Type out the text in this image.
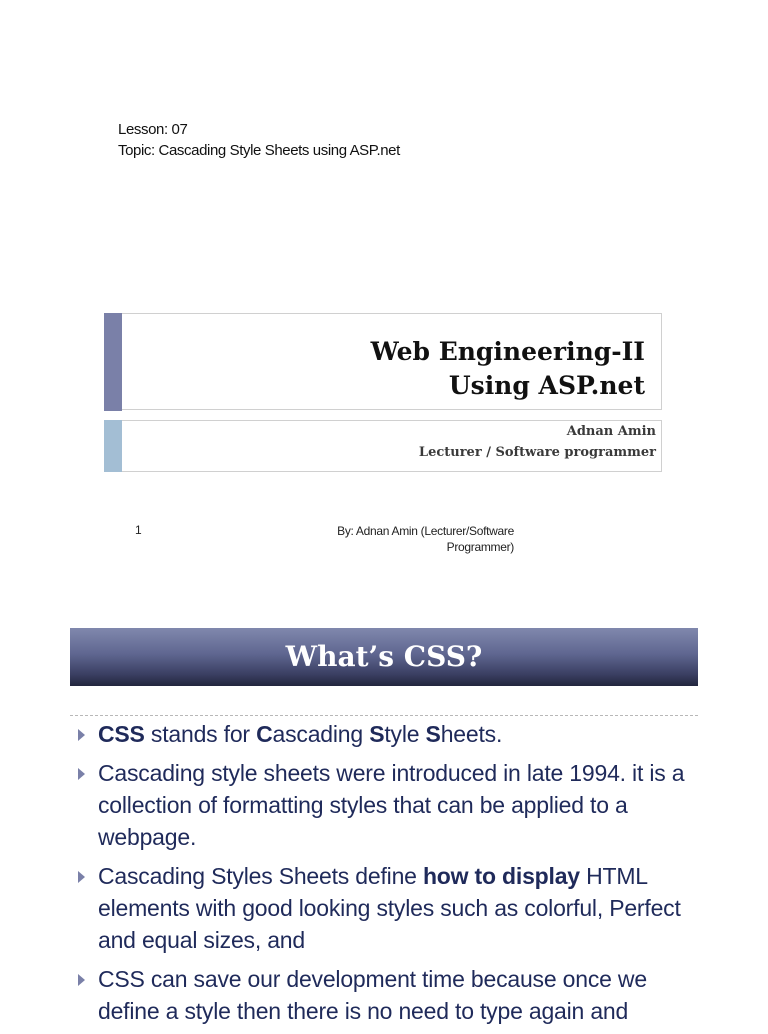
Lesson: 07
Topic: Cascading Style Sheets using ASP.net
Web Engineering-II
Using ASP.net
Adnan Amin
Lecturer / Software programmer
1	By: Adnan Amin (Lecturer/Software
Programmer)
What’s CSS?
CSS stands for Cascading Style Sheets.
Cascading style sheets were introduced in late 1994. it is a collection of formatting styles that can be applied to a webpage.
Cascading Styles Sheets define how to display HTML elements with good looking styles such as colorful, Perfect and equal sizes, and
CSS can save our development time because once we define a style then there is no need to type again and
